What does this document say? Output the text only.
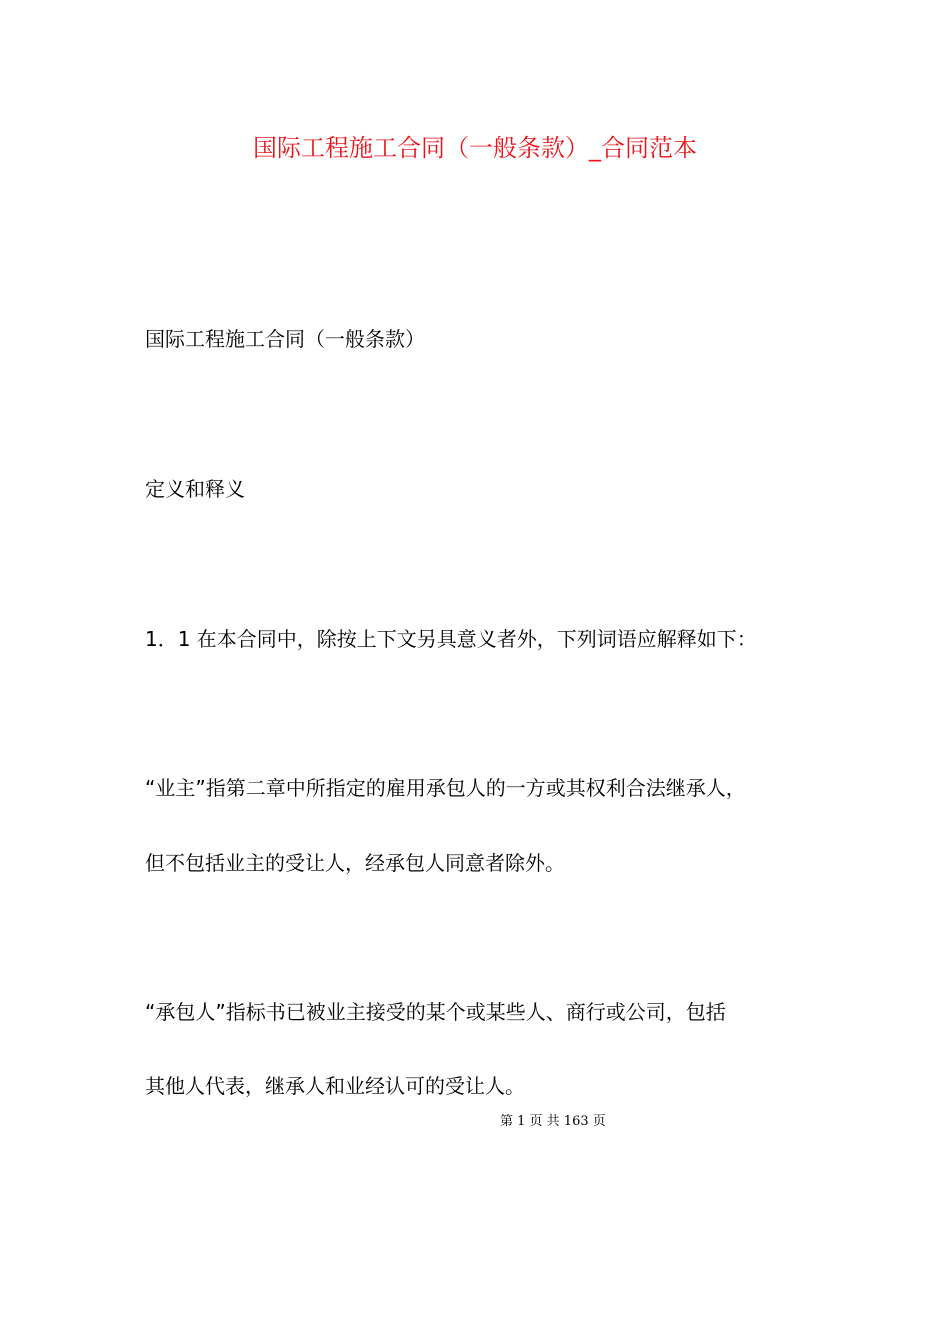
国际工程施工合同（一般条款）_合同范本

国际工程施工合同（一般条款）

定义和释义

1．1 在本合同中，除按上下文另具意义者外，下列词语应解释如下：

“业主”指第二章中所指定的雇用承包人的一方或其权利合法继承人，

但不包括业主的受让人，经承包人同意者除外。

“承包人”指标书已被业主接受的某个或某些人、商行或公司，包括

其他人代表，继承人和业经认可的受让人。

第 1 页 共 163 页
